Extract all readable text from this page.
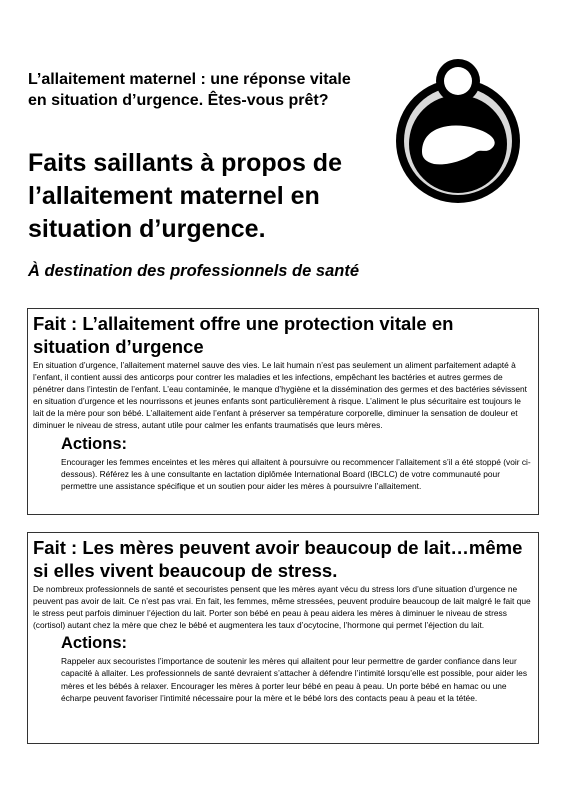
L’allaitement maternel : une réponse vitale en situation d’urgence. Êtes-vous prêt?
Faits saillants à propos de l’allaitement maternel en situation d’urgence.
À destination des professionnels de santé
Fait : L’allaitement offre une protection vitale en situation d’urgence
En situation d’urgence, l’allaitement maternel sauve des vies. Le lait humain n’est pas seulement un aliment parfaitement adapté à l’enfant, il contient aussi des anticorps pour contrer les maladies et les infections, empêchant les bactéries et autres germes de pénétrer dans l’intestin de l’enfant. L’eau contaminée, le manque d’hygiène et la dissémination des germes et des bactéries sévissent en situation d’urgence et les nourrissons et jeunes enfants sont particulièrement à risque. L’aliment le plus sécuritaire est toujours le lait de la mère pour son bébé. L’allaitement aide l’enfant à préserver sa température corporelle, diminuer la sensation de douleur et diminuer le niveau de stress, autant utile pour calmer les enfants traumatisés que leurs mères.
Actions:
Encourager les femmes enceintes et les mères qui allaitent à poursuivre ou recommencer l’allaitement s’il a été stoppé (voir ci-dessous). Référez les à une consultante en lactation diplômée International Board (IBCLC) de votre communauté pour permettre une assistance spécifique et un soutien pour aider les mères à poursuivre l’allaitement.
Fait : Les mères peuvent avoir beaucoup de lait…même si elles vivent beaucoup de stress.
De nombreux professionnels de santé et secouristes pensent que les mères ayant vécu du stress lors d’une situation d’urgence ne peuvent pas avoir de lait. Ce n’est pas vrai. En fait, les femmes, même stressées, peuvent produire beaucoup de lait malgré le fait que le stress peut parfois diminuer l’éjection du lait. Porter son bébé en peau à peau aidera les mères à diminuer le niveau de stress (cortisol) autant chez la mère que chez le bébé et augmentera les taux d’ocytocine, l’hormone qui permet l’éjection du lait.
Actions:
Rappeler aux secouristes l’importance de soutenir les mères qui allaitent pour leur permettre de garder confiance dans leur capacité à allaiter. Les professionnels de santé devraient s’attacher à défendre l’intimité lorsqu’elle est possible, pour aider les mères et les bébés à relaxer. Encourager les mères à porter leur bébé en peau à peau. Un porte bébé en hamac ou une écharpe peuvent favoriser l’intimité nécessaire pour la mère et le bébé lors des contacts peau à peau et la tétée.
